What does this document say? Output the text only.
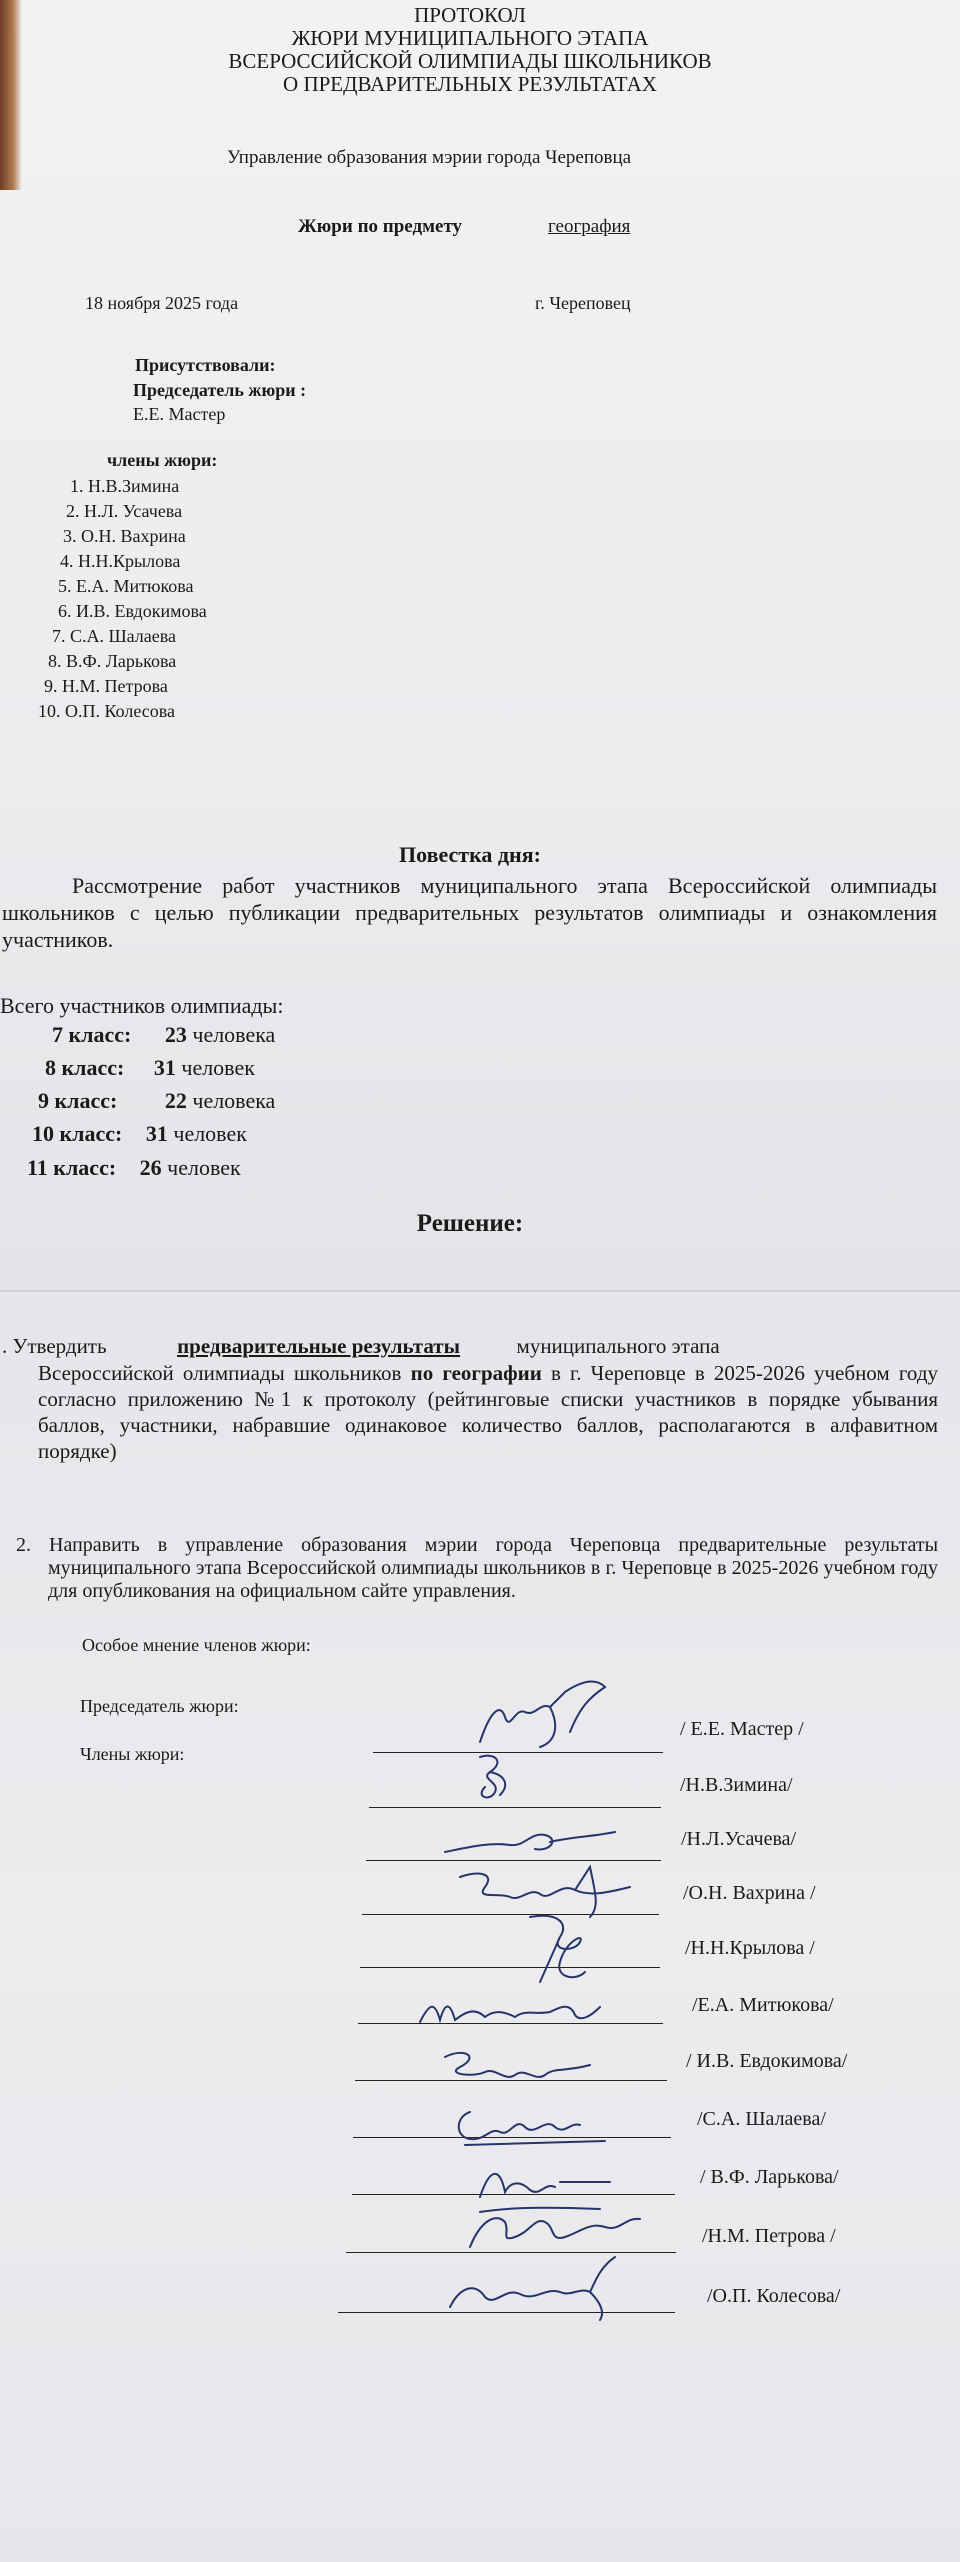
ПРОТОКОЛ
ЖЮРИ МУНИЦИПАЛЬНОГО ЭТАПА
ВСЕРОССИЙСКОЙ ОЛИМПИАДЫ ШКОЛЬНИКОВ
О ПРЕДВАРИТЕЛЬНЫХ РЕЗУЛЬТАТАХ
Управление образования мэрии города Череповца
Жюри по предмету	география
18 ноября 2025 года	г. Череповец
Присутствовали:
Председатель жюри :
Е.Е. Мастер
члены жюри:
1. Н.В.Зимина
2. Н.Л. Усачева
3. О.Н. Вахрина
4. Н.Н.Крылова
5. Е.А. Митюкова
6. И.В. Евдокимова
7. С.А. Шалаева
8. В.Ф. Ларькова
9. Н.М. Петрова
10. О.П. Колесова
Повестка дня:
Рассмотрение работ участников муниципального этапа Всероссийской олимпиады школьников с целью публикации предварительных результатов олимпиады и ознакомления участников.
Всего участников олимпиады:
7 класс: 23 человека
8 класс: 31 человек
9 класс: 22 человека
10 класс: 31 человек
11 класс: 26 человек
Решение:
. Утвердить	предварительные результаты	муниципального этапа
Всероссийской олимпиады школьников по географии в г. Череповце в 2025-2026 учебном году согласно приложению №1 к протоколу (рейтинговые списки участников в порядке убывания баллов, участники, набравшие одинаковое количество баллов, располагаются в алфавитном порядке)
2. Направить в управление образования мэрии города Череповца предварительные результаты муниципального этапа Всероссийской олимпиады школьников в г. Череповце в 2025-2026 учебном году для опубликования на официальном сайте управления.
Особое мнение членов жюри:
Председатель жюри:
Члены жюри:
/ Е.Е. Мастер /
/Н.В.Зимина/
/Н.Л.Усачева/
/О.Н. Вахрина /
/Н.Н.Крылова /
/Е.А. Митюкова/
/ И.В. Евдокимова/
/С.А. Шалаева/
/ В.Ф. Ларькова/
/Н.М. Петрова /
/О.П. Колесова/
